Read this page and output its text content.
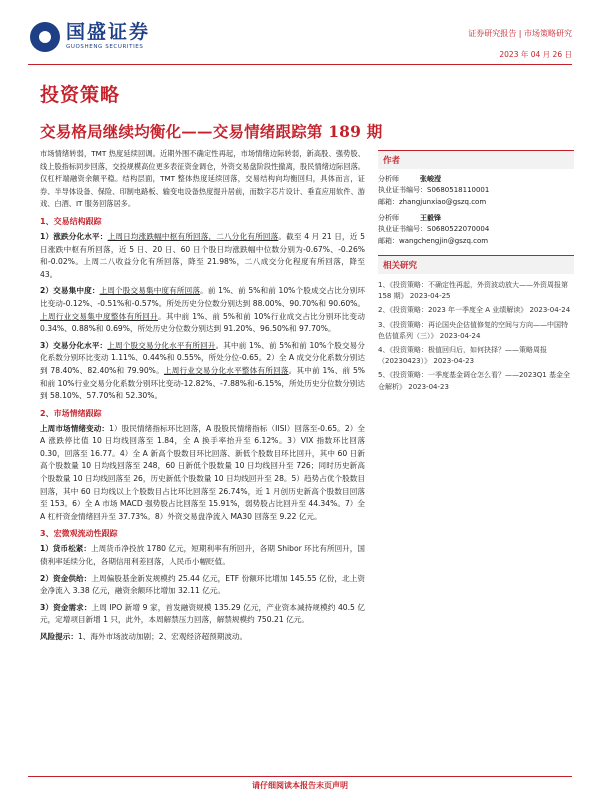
国盛证券
GUOSHENG SECURITIES
证券研究报告 | 市场策略研究
2023 年 04 月 26 日
投资策略
交易格局继续均衡化——交易情绪跟踪第 189 期

市场情绪转弱，TMT 热度延续回调。近期外围不确定性再起，市场情绪边际转弱，新高股、强势股、线上股指标同步回落，交投规模高位更多表征资金调仓，外资交易盘阶段性撤离，股民情绪边际回落。仅杠杆端融资余额平稳。结构层面，TMT 整体热度延续回落，交易结构向均衡回归，具体而言，证券、半导体设备、保险、印制电路板、输变电设备热度提升居前，而数字芯片设计、垂直应用软件、游戏、白酒、IT 服务回落居多。

1、交易结构跟踪

1）涨跌分化水平：上周日均涨跌幅中枢有所回落，二八分化有所回落。截至 4 月 21 日，近 5 日涨跌中枢有所回落，近 5 日、20 日、60 日个股日均涨跌幅中位数分别为-0.67%、-0.26%和-0.02%。上周二八收益分化有所回落，降至 21.98%，二八成交分化程度有所回落，降至 43。

2）交易集中度：上周个股交易集中度有所回落。前 1%、前 5%和前 10%个股成交占比分别环比变动-0.12%、-0.51%和-0.57%。所处历史分位数分别达到 88.00%、90.70%和 90.60%。上周行业交易集中度整体有所回升。其中前 1%、前 5%和前 10%行业成交占比分别环比变动 0.34%、0.88%和 0.69%，所处历史分位数分别达到 91.20%、96.50%和 97.70%。

3）交易分化水平：上周个股交易分化水平有所回升。其中前 1%、前 5%和前 10%个股交易分化系数分别环比变动 1.11%、0.44%和 0.55%，所处分位-0.65。2）全 A 成交分化系数分别达到 78.40%、82.40%和 79.90%。上周行业交易分化水平整体有所回落。其中前 1%、前 5%和前 10%行业交易分化系数分别环比变动-12.82%、-7.88%和-6.15%，所处历史分位数分别达到 58.10%、57.70%和 52.30%。

2、市场情绪跟踪

上周市场情绪变动：1）股民情绪指标环比回落，A 股股民情绪指标（IISI）回落至-0.65。2）全 A 涨跌停比值 10 日均线回落至 1.84，全 A 换手率抬升至 6.12%。3）VIX 指数环比回落 0.30，回落至 16.77。4）全 A 新高个股数目环比回落、新低个股数目环比回升，其中 60 日新高个股数量 10 日均线回落至 248，60 日新低个股数量 10 日均线回升至 726；同时历史新高个股数量 10 日均线回落至 26，历史新低个股数量 10 日均线回升至 28。5）趋势占优个股数目回落，其中 60 日均线以上个股数目占比环比回落至 26.74%，近 1 月创历史新高个股数目回落至 153。6）全 A 市场 MACD 强势股占比回落至 15.91%，弱势股占比回升至 44.34%。7）全 A 杠杆资金情绪回升至 37.73%。8）外资交易盘净流入 MA30 回落至 9.22 亿元。

3、宏微观流动性跟踪

1）货币松紧：上周货币净投放 1780 亿元，短期利率有所回升，各期 Shibor 环比有所回升，国债利率延续分化，各期信用利差回落，人民币小幅贬值。

2）资金供给：上周偏股基金新发规模约 25.44 亿元，ETF 份额环比增加 145.55 亿份，北上资金净流入 3.38 亿元，融资余额环比增加 32.11 亿元。

3）资金需求：上周 IPO 新增 9 家，首发融资规模 135.29 亿元，产业资本减持规模约 40.5 亿元，定增项目新增 1 只，此外，本周解禁压力回落，解禁规模约 750.21 亿元。

风险提示：1、海外市场波动加剧；2、宏观经济超预期波动。

作者
分析师	张峻滢
执业证书编号：S0680518110001
邮箱：zhangjunxiao@gszq.com
分析师	王毅锋
执业证书编号：S0680522070004
邮箱：wangchengjin@gszq.com
相关研究
1、《投资策略：不确定性再起，外资波动放大——外资周报第 158 期》 2023-04-25
2、《投资策略：2023 年一季度全 A 业绩解读》 2023-04-24
3、《投资策略：再论国央企估值修复的空间与方向——中国特色估值系列（三）》 2023-04-24
4、《投资策略：极值回归后，如何抉择？——策略周报（20230423）》 2023-04-23
5、《投资策略：一季度基金调仓怎么看？——2023Q1 基金全仓解析》 2023-04-23
请仔细阅读本报告末页声明
